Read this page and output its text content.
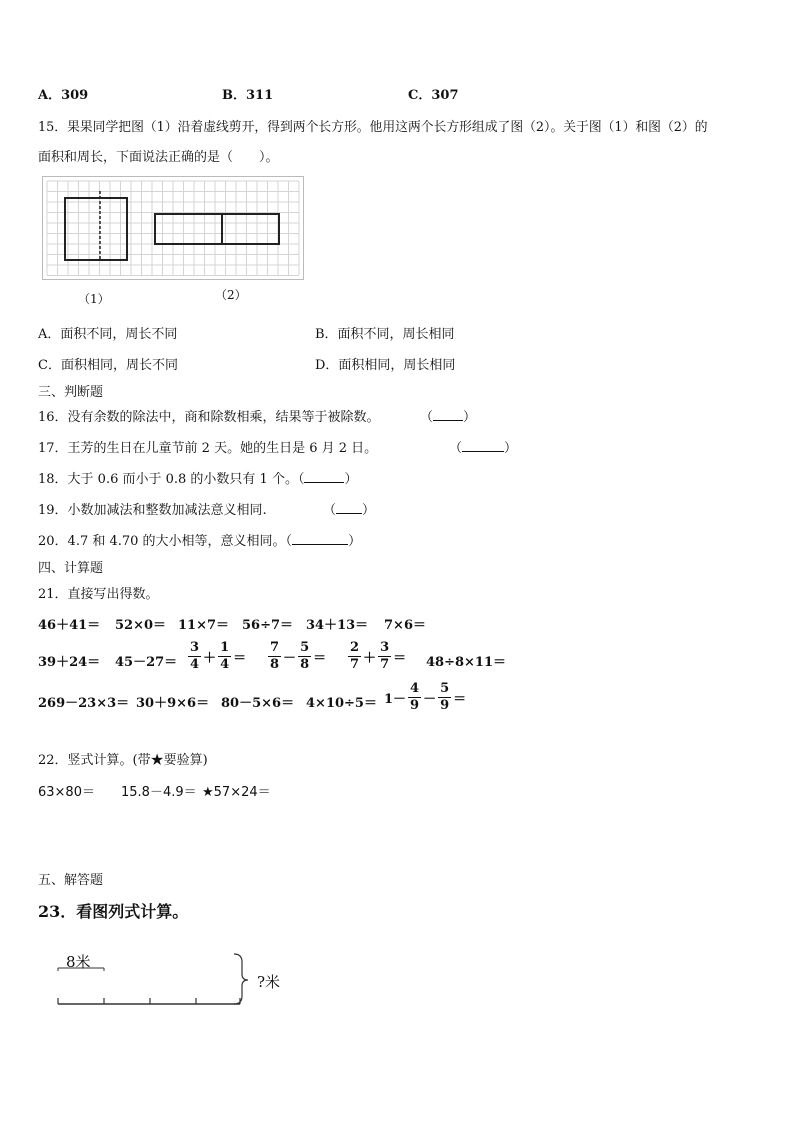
A．309	B．311	C．307
15．果果同学把图（1）沿着虚线剪开，得到两个长方形。他用这两个长方形组成了图（2）。关于图（1）和图（2）的
面积和周长，下面说法正确的是（　　）。
（1）	（2）
A．面积不同，周长不同	B．面积不同，周长相同
C．面积相同，周长不同	D．面积相同，周长相同
三、判断题
16．没有余数的除法中，商和除数相乘，结果等于被除数。	（ ）
17．王芳的生日在儿童节前 2 天。她的生日是 6 月 2 日。	（	）
18．大于 0.6 而小于 0.8 的小数只有 1 个。（	）
19．小数加减法和整数加减法意义相同.	（ ）
20．4.7 和 4.70 的大小相等，意义相同。（	）
四、计算题
21．直接写出得数。
46＋41＝ 52×0＝ 11×7＝ 56÷7＝ 34＋13＝ 7×6＝
$39+24= 45-27= \frac{3}{4} + \frac{1}{4} = \frac{7}{8} - \frac{5}{8} = \frac{2}{7} + \frac{3}{7} = 48\div 8\times 11=$
$269-23\times 3= 30+9\times 6= 80-5\times 6= 4\times 10\div 5= 1- \frac{4}{9} - \frac{5}{9}$ ＝
22．竖式计算。(带★要验算)
63×80＝ 15.8－4.9＝ ★57×24＝
五、解答题
23．看图列式计算。
8米
?米
